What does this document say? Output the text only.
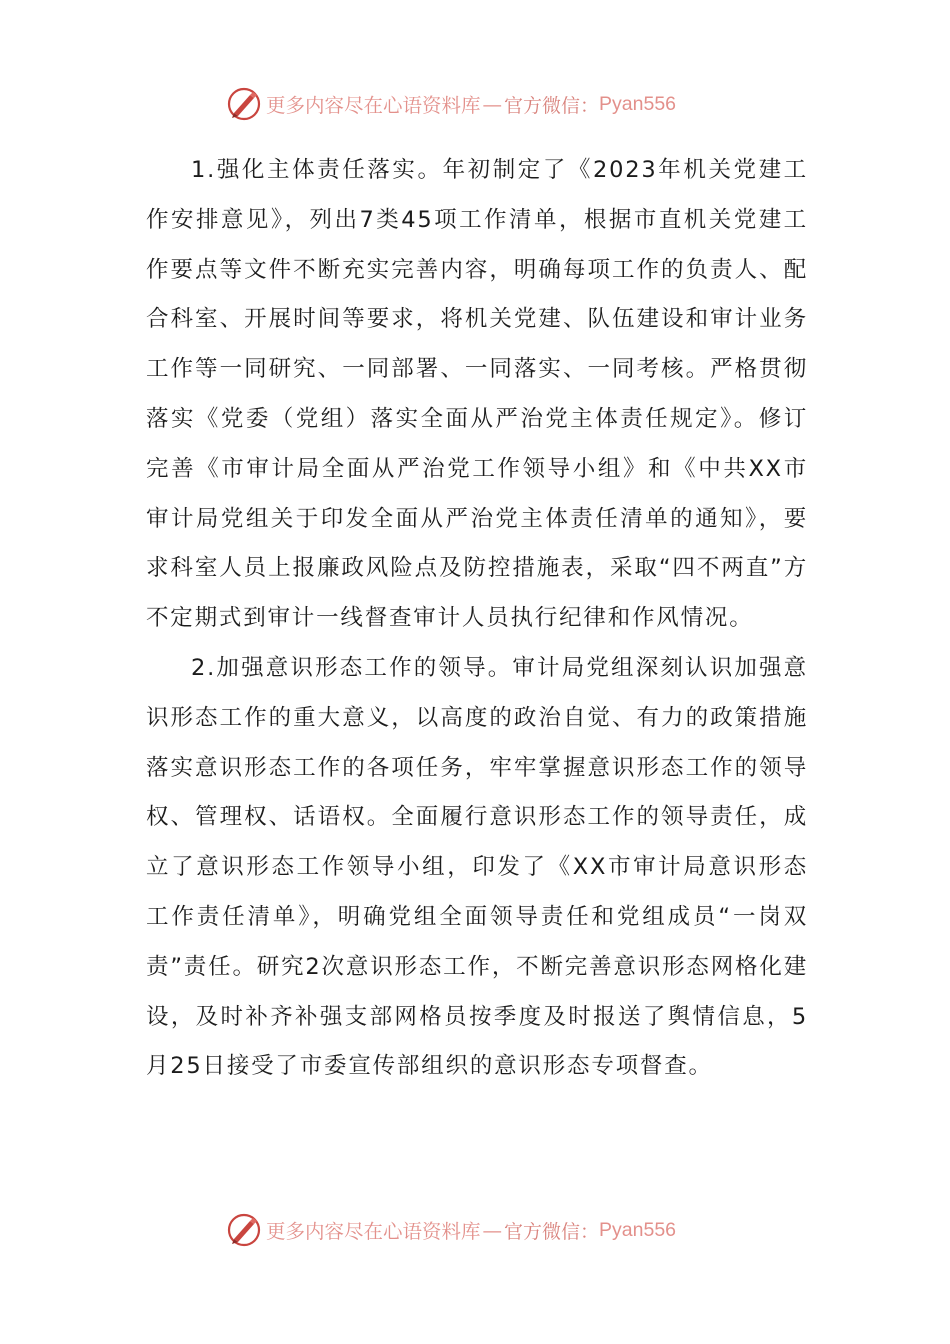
更多内容尽在心语资料库 — 官方微信： Pyan556

1.强化主体责任落实。年初制定了《2023年机关党建工作安排意见》，列出7类45项工作清单，根据市直机关党建工作要点等文件不断充实完善内容，明确每项工作的负责人、配合科室、开展时间等要求，将机关党建、队伍建设和审计业务工作等一同研究、一同部署、一同落实、一同考核。严格贯彻落实《党委（党组）落实全面从严治党主体责任规定》。修订完善《市审计局全面从严治党工作领导小组》和《中共XX市审计局党组关于印发全面从严治党主体责任清单的通知》，要求科室人员上报廉政风险点及防控措施表，采取“四不两直”方不定期式到审计一线督查审计人员执行纪律和作风情况。

2.加强意识形态工作的领导。审计局党组深刻认识加强意识形态工作的重大意义，以高度的政治自觉、有力的政策措施落实意识形态工作的各项任务，牢牢掌握意识形态工作的领导权、管理权、话语权。全面履行意识形态工作的领导责任，成立了意识形态工作领导小组，印发了《XX市审计局意识形态工作责任清单》，明确党组全面领导责任和党组成员“一岗双责”责任。研究2次意识形态工作，不断完善意识形态网格化建设，及时补齐补强支部网格员按季度及时报送了舆情信息，5月25日接受了市委宣传部组织的意识形态专项督查。

更多内容尽在心语资料库 — 官方微信： Pyan556
